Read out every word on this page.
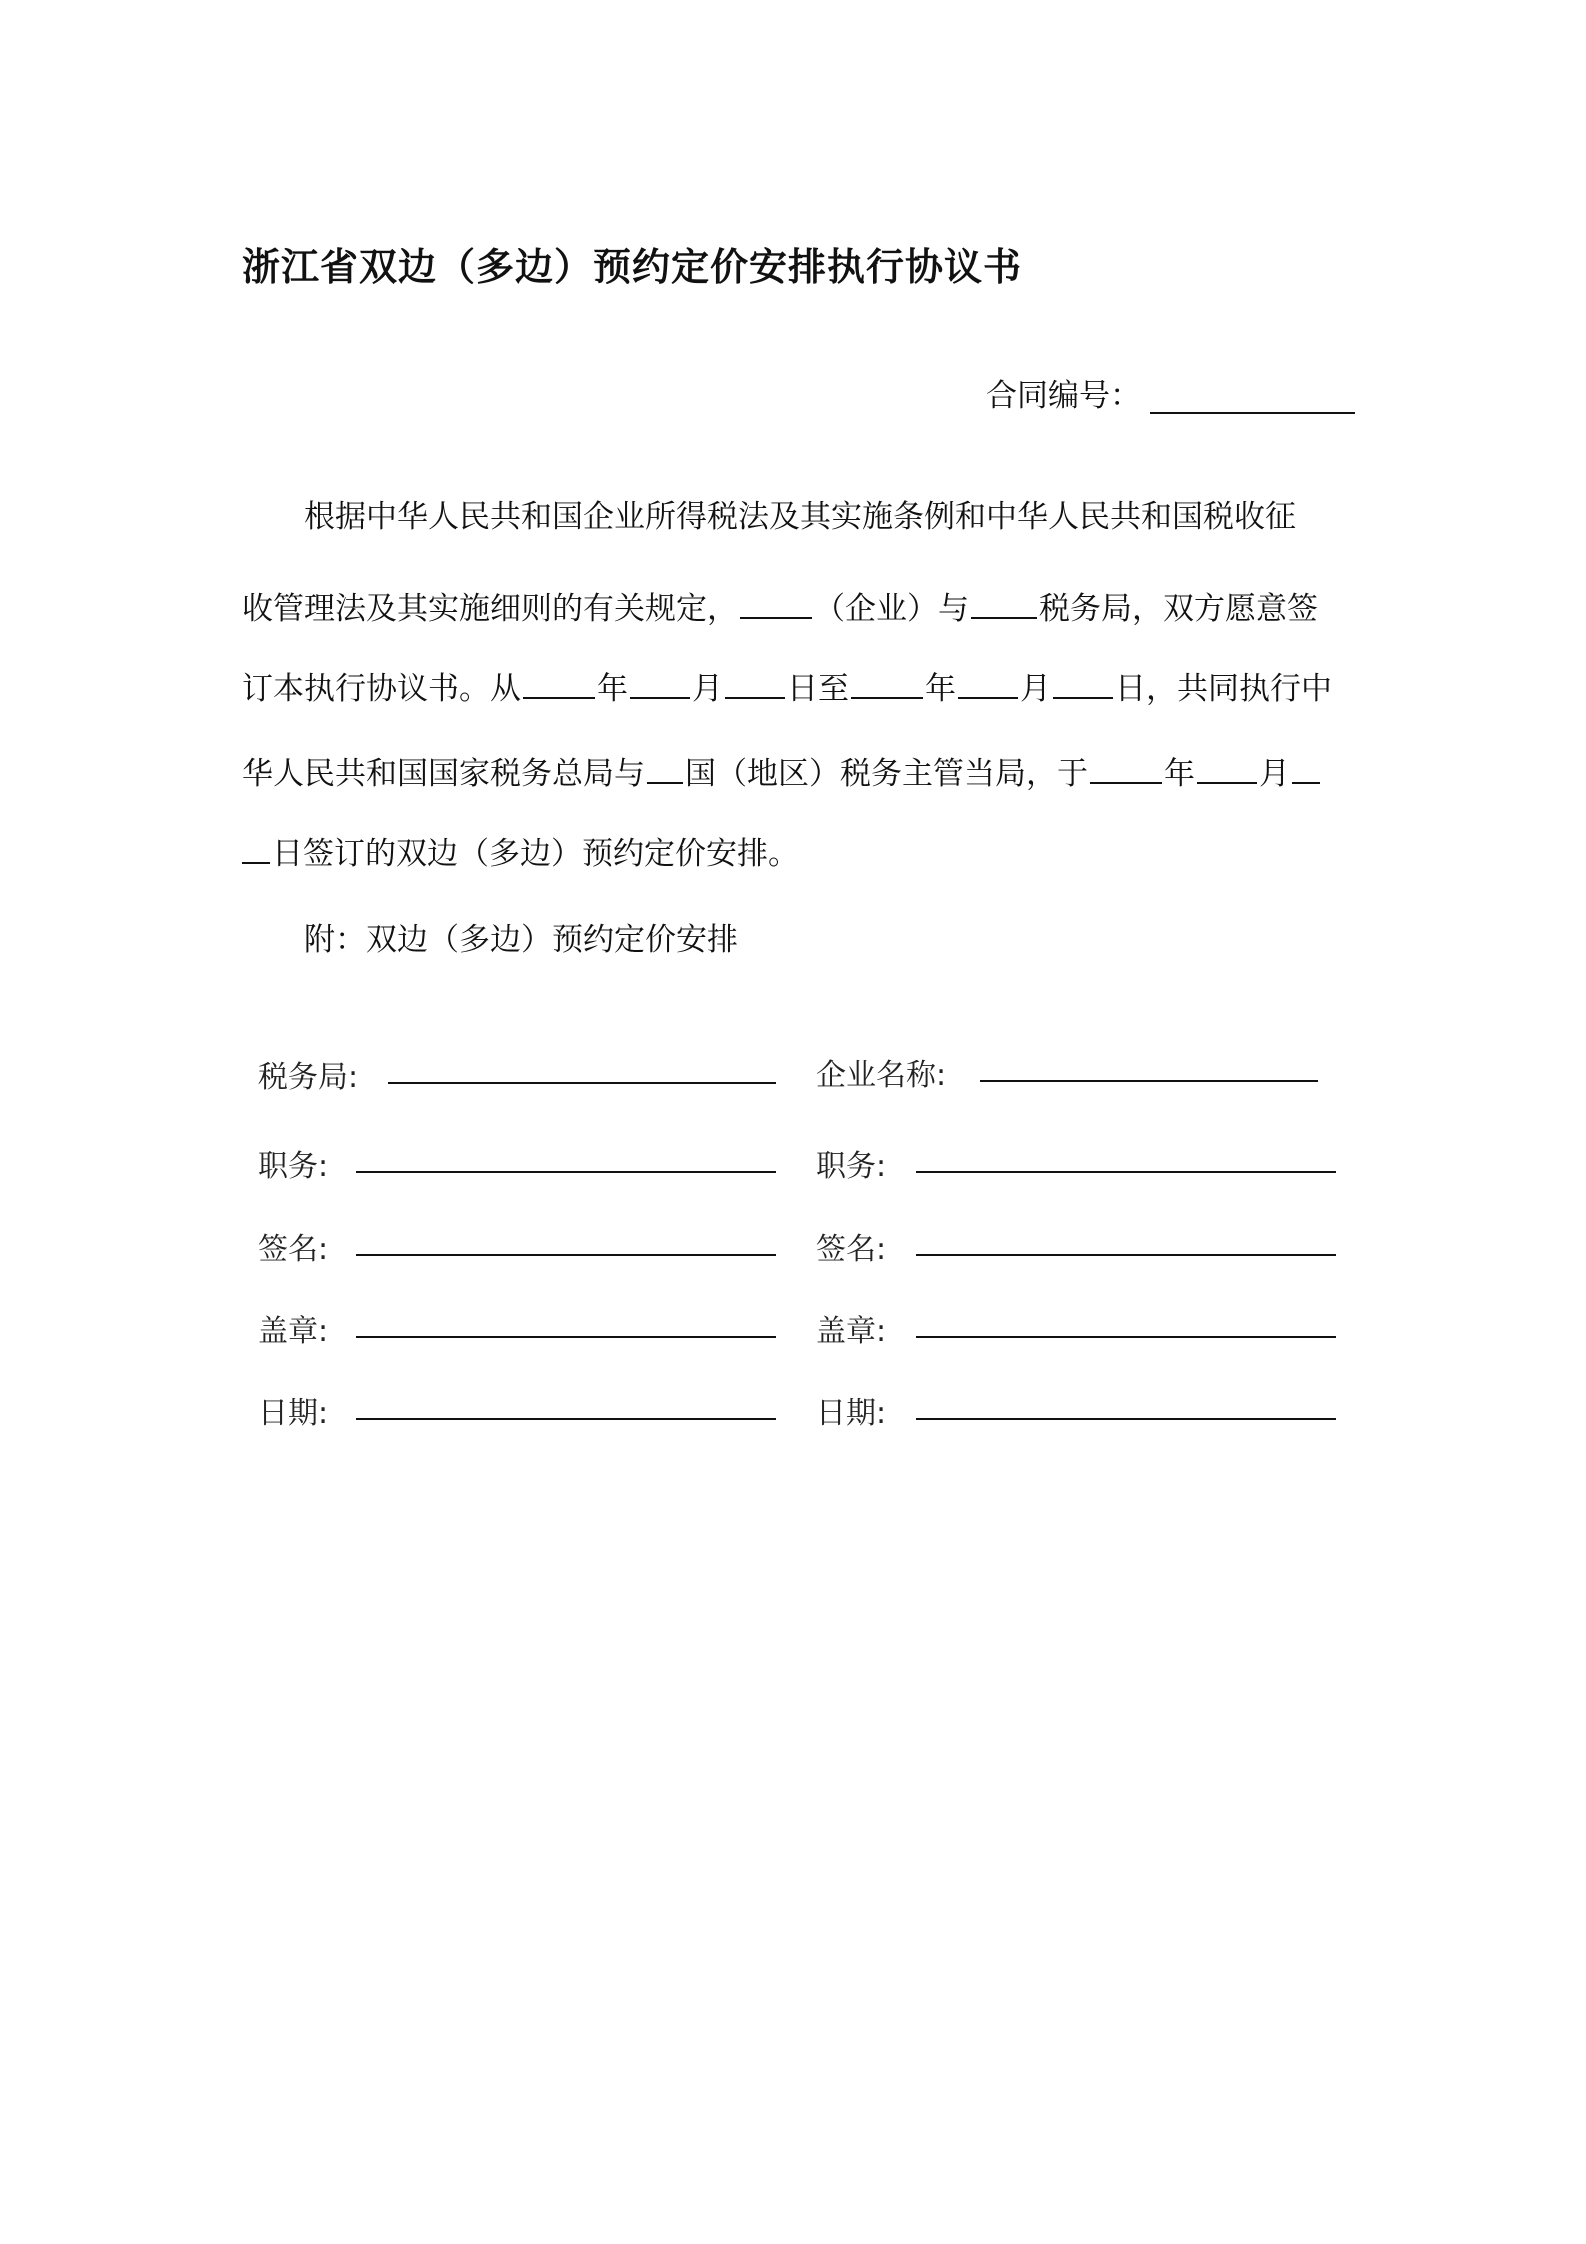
浙江省双边（多边）预约定价安排执行协议书
合同编号：
根据中华人民共和国企业所得税法及其实施条例和中华人民共和国税收征
收管理法及其实施细则的有关规定， （企业）与 税务局，双方愿意签
订本执行协议书。从 年 月 日至 年 月 日，共同执行中
华人民共和国国家税务总局与 国（地区）税务主管当局，于 年 月
日签订的双边（多边）预约定价安排。
附：双边（多边）预约定价安排
税务局:
职务:
签名:
盖章:
日期:
企业名称:
职务:
签名:
盖章:
日期:
